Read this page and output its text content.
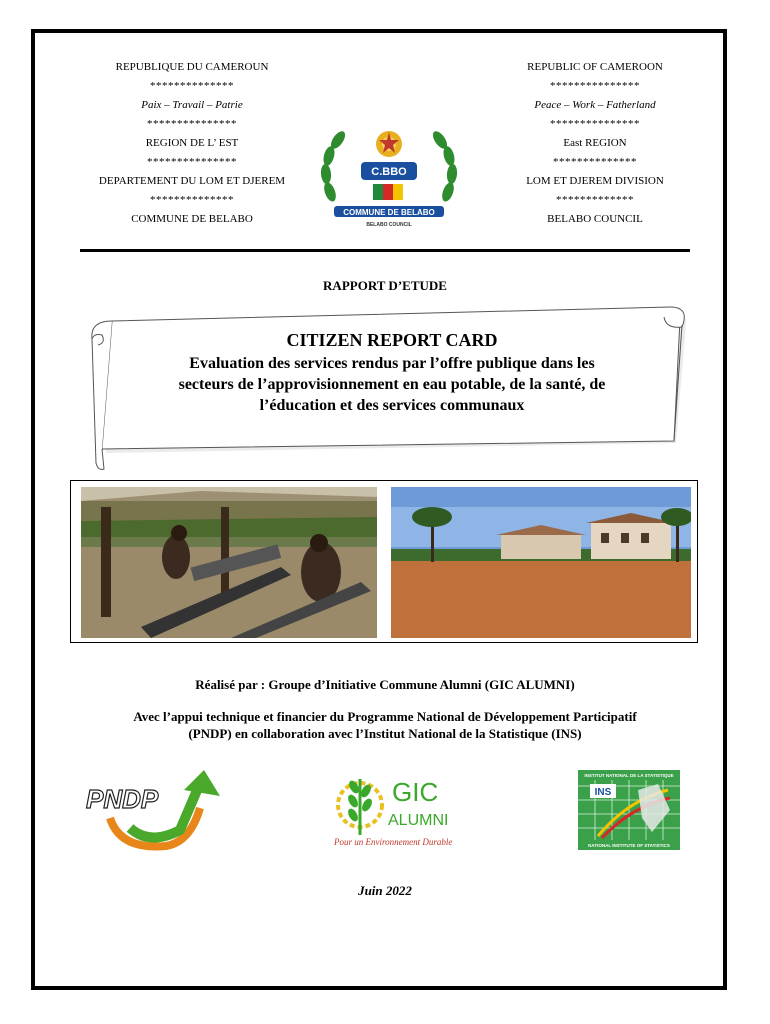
REPUBLIQUE DU CAMEROUN
**************
Paix – Travail – Patrie
***************
REGION DE L’ EST
***************
DEPARTEMENT DU LOM ET DJEREM
**************
COMMUNE DE BELABO
REPUBLIC OF CAMEROON
***************
Peace – Work – Fatherland
***************
East REGION
**************
LOM ET DJEREM DIVISION
*************
BELABO COUNCIL
C.BBO
COMMUNE DE BELABO
BELABO COUNCIL
RAPPORT D’ETUDE
CITIZEN REPORT CARD
Evaluation des services rendus par l’offre publique dans les
secteurs de l’approvisionnement en eau potable, de la santé, de
l’éducation et des services communaux
Réalisé par : Groupe d’Initiative Commune Alumni (GIC ALUMNI)
Avec l’appui technique et financier du Programme National de Développement Participatif
(PNDP) en collaboration avec l’Institut National de la Statistique (INS)
PNDP	GIC
ALUMNI
Pour un Environnement Durable
INS
INSTITUT NATIONAL DE LA STATISTIQUE
NATIONAL INSTITUTE OF STATISTICS
Juin 2022
